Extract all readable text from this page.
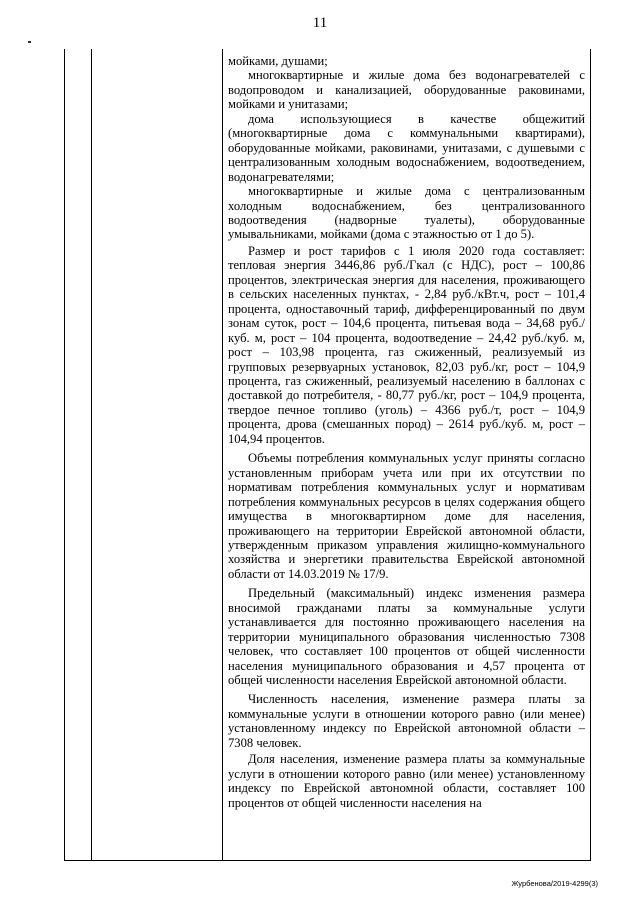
11

мойками, душами;

многоквартирные и жилые дома без водонагревателей с водопроводом и канализацией, оборудованные раковинами, мойками и унитазами;

дома использующиеся в качестве общежитий (многоквартирные дома с коммунальными квартирами), оборудованные мойками, раковинами, унитазами, с душевыми с централизованным холодным водоснабжением, водоотведением, водонагревателями;

многоквартирные и жилые дома с централизованным холодным водоснабжением, без централизованного водоотведения (надворные туалеты), оборудованные умывальниками, мойками (дома с этажностью от 1 до 5).

Размер и рост тарифов с 1 июля 2020 года составляет: тепловая энергия 3446,86 руб./Гкал (с НДС), рост – 100,86 процентов, электрическая энергия для населения, проживающего в сельских населенных пунктах, - 2,84 руб./кВт.ч, рост – 101,4 процента, одноставочный тариф, дифференцированный по двум зонам суток, рост – 104,6 процента, питьевая вода – 34,68 руб./куб. м, рост – 104 процента, водоотведение – 24,42 руб./куб. м, рост – 103,98 процента, газ сжиженный, реализуемый из групповых резервуарных установок, 82,03 руб./кг, рост – 104,9 процента, газ сжиженный, реализуемый населению в баллонах с доставкой до потребителя, - 80,77 руб./кг, рост – 104,9 процента, твердое печное топливо (уголь) – 4366 руб./т, рост – 104,9 процента, дрова (смешанных пород) – 2614 руб./куб. м, рост – 104,94 процентов.

Объемы потребления коммунальных услуг приняты согласно установленным приборам учета или при их отсутствии по нормативам потребления коммунальных услуг и нормативам потребления коммунальных ресурсов в целях содержания общего имущества в многоквартирном доме для населения, проживающего на территории Еврейской автономной области, утвержденным приказом управления жилищно-коммунального хозяйства и энергетики правительства Еврейской автономной области от 14.03.2019 № 17/9.

Предельный (максимальный) индекс изменения размера вносимой гражданами платы за коммунальные услуги устанавливается для постоянно проживающего населения на территории муниципального образования численностью 7308 человек, что составляет 100 процентов от общей численности населения муниципального образования и 4,57 процента от общей численности населения Еврейской автономной области.

Численность населения, изменение размера платы за коммунальные услуги в отношении которого равно (или менее) установленному индексу по Еврейской автономной области – 7308 человек.

Доля населения, изменение размера платы за коммунальные услуги в отношении которого равно (или менее) установленному индексу по Еврейской автономной области, составляет 100 процентов от общей численности населения на

Журбенова/2019-4299(3)
